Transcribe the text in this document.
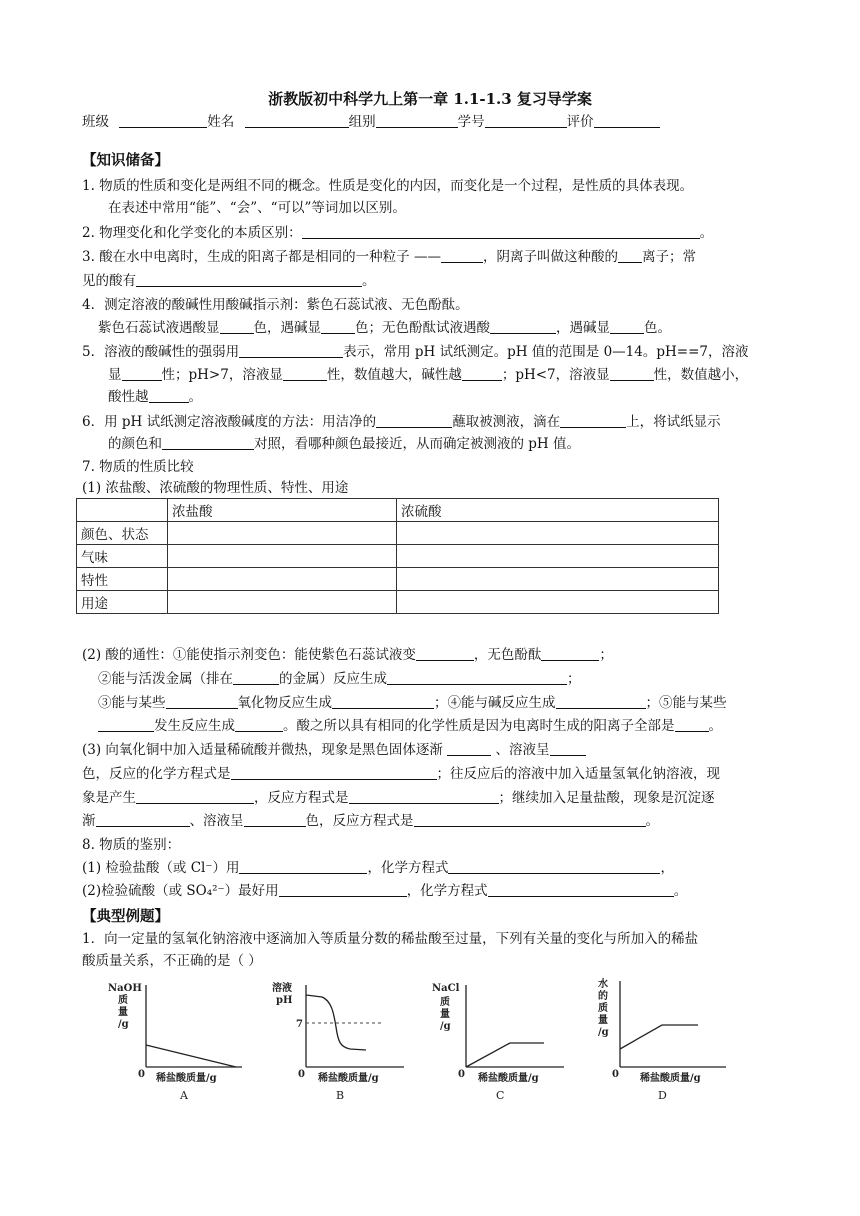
浙教版初中科学九上第一章 1.1-1.3 复习导学案
班级	姓名	组别	学号	评价
【知识储备】
1. 物质的性质和变化是两组不同的概念。性质是变化的内因，而变化是一个过程，是性质的具体表现。
在表述中常用“能”、“会”、“可以”等词加以区别。
2. 物理变化和化学变化的本质区别：	。
3. 酸在水中电离时，生成的阳离子都是相同的一种粒子 ——	，阴离子叫做这种酸的 离子；常
见的酸有	。
4．测定溶液的酸碱性用酸碱指示剂：紫色石蕊试液、无色酚酞。
紫色石蕊试液遇酸显	色，遇碱显	色；无色酚酞试液遇酸	，遇碱显	色。
5．溶液的酸碱性的强弱用	表示，常用 pH 试纸测定。pH 值的范围是 0—14。pH==7，溶液
显	性；pH>7，溶液显	性，数值越大，碱性越	；pH<7，溶液显	性，数值越小，
酸性越	。
6．用 pH 试纸测定溶液酸碱度的方法：用洁净的	蘸取被测液，滴在	上，将试纸显示
的颜色和	对照，看哪种颜色最接近，从而确定被测液的 pH 值。
7. 物质的性质比较
(1) 浓盐酸、浓硫酸的物理性质、特性、用途
	浓盐酸	浓硫酸
颜色、状态		
气味		
特性		
用途		
(2) 酸的通性：①能使指示剂变色：能使紫色石蕊试液变	，无色酚酞	；
②能与活泼金属（排在	的金属）反应生成	；
③能与某些	氧化物反应生成	；④能与碱反应生成	；⑤能与某些
发生反应生成	。酸之所以具有相同的化学性质是因为电离时生成的阳离子全部是	。
(3) 向氧化铜中加入适量稀硫酸并微热，现象是黑色固体逐渐	、溶液呈
色，反应的化学方程式是	；往反应后的溶液中加入适量氢氧化钠溶液，现
象是产生	，反应方程式是	；继续加入足量盐酸，现象是沉淀逐
渐	、溶液呈	色，反应方程式是	。
8. 物质的鉴别：
(1) 检验盐酸（或 Cl⁻）用	，化学方程式	，
(2)检验硫酸（或 SO₄²⁻）最好用	，化学方程式	。
【典型例题】
1．向一定量的氢氧化钠溶液中逐滴加入等质量分数的稀盐酸至过量，下列有关量的变化与所加入的稀盐
酸质量关系，不正确的是（ ）
NaOH
质
量
/g
0 稀盐酸质量/g
A
溶液
pH
7
0 稀盐酸质量/g
B
NaCl
质
量
/g
0 稀盐酸质量/g
C
水
的
质
量
/g
0 稀盐酸质量/g
D
